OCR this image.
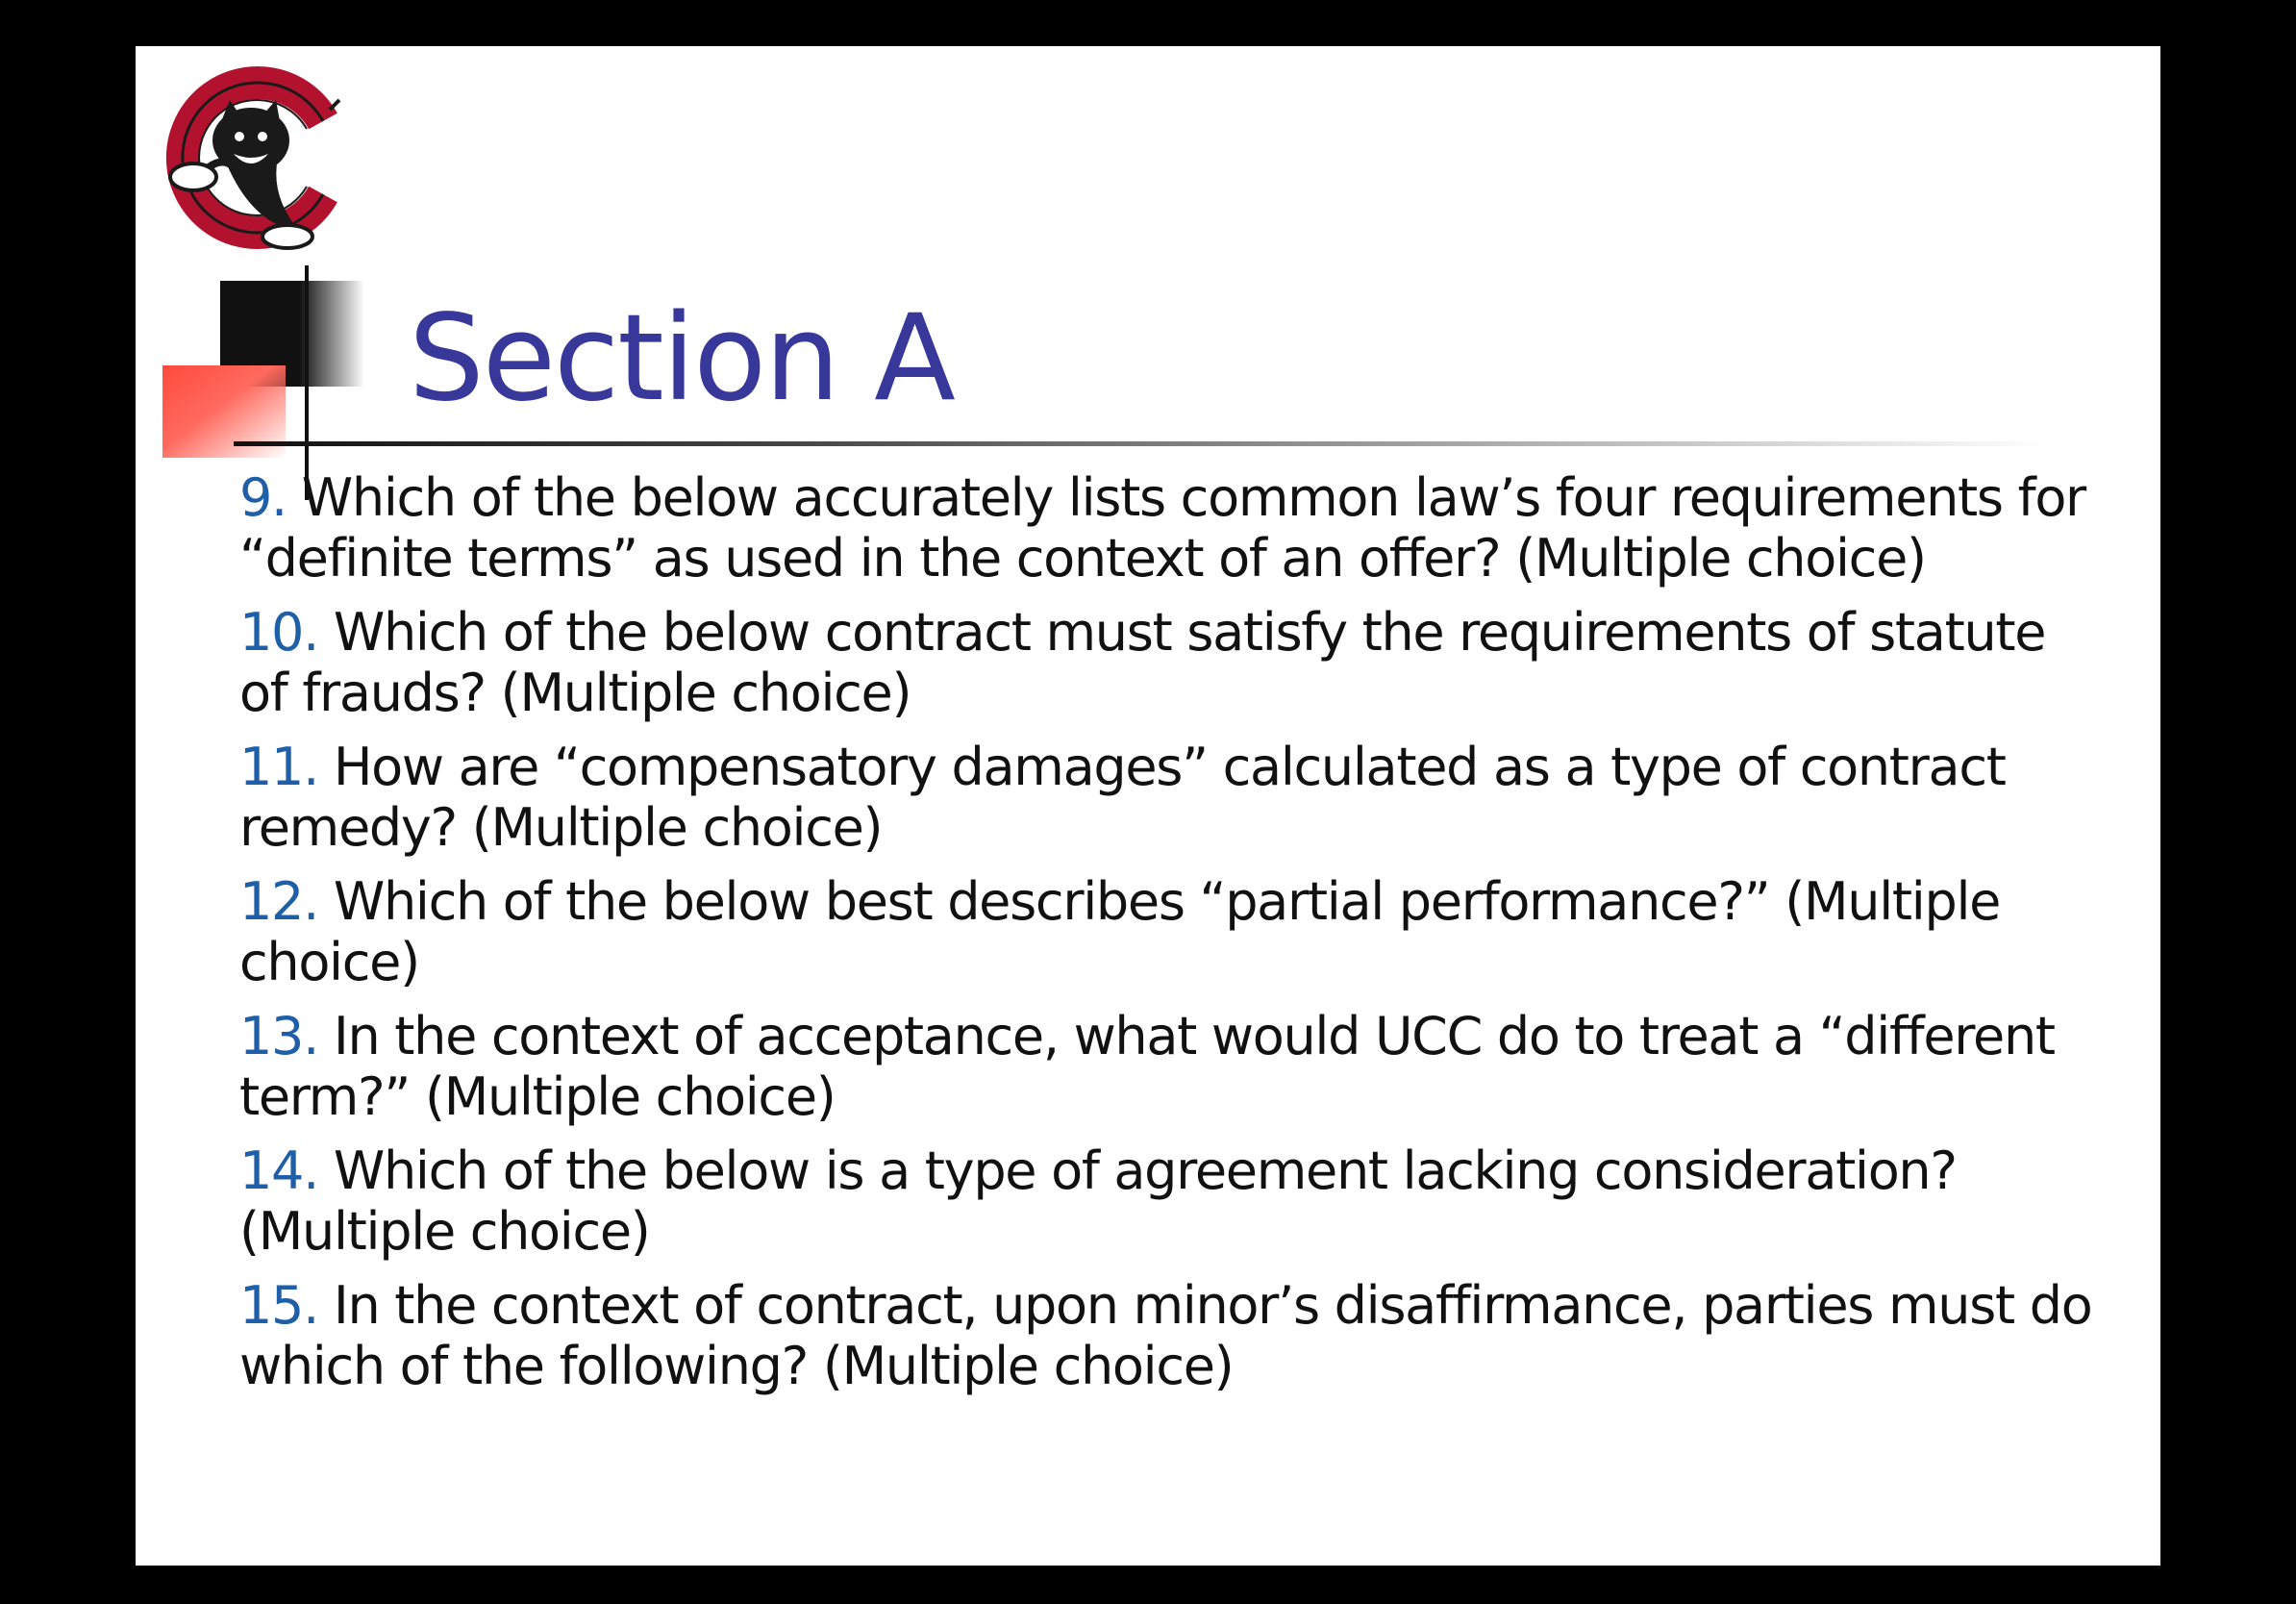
Section A
9. Which of the below accurately lists common law’s four requirements for “definite terms” as used in the context of an offer? (Multiple choice)
10. Which of the below contract must satisfy the requirements of statute of frauds? (Multiple choice)
11. How are “compensatory damages” calculated as a type of contract remedy? (Multiple choice)
12. Which of the below best describes “partial performance?” (Multiple choice)
13. In the context of acceptance, what would UCC do to treat a “different term?” (Multiple choice)
14. Which of the below is a type of agreement lacking consideration? (Multiple choice)
15. In the context of contract, upon minor’s disaffirmance, parties must do which of the following? (Multiple choice)
